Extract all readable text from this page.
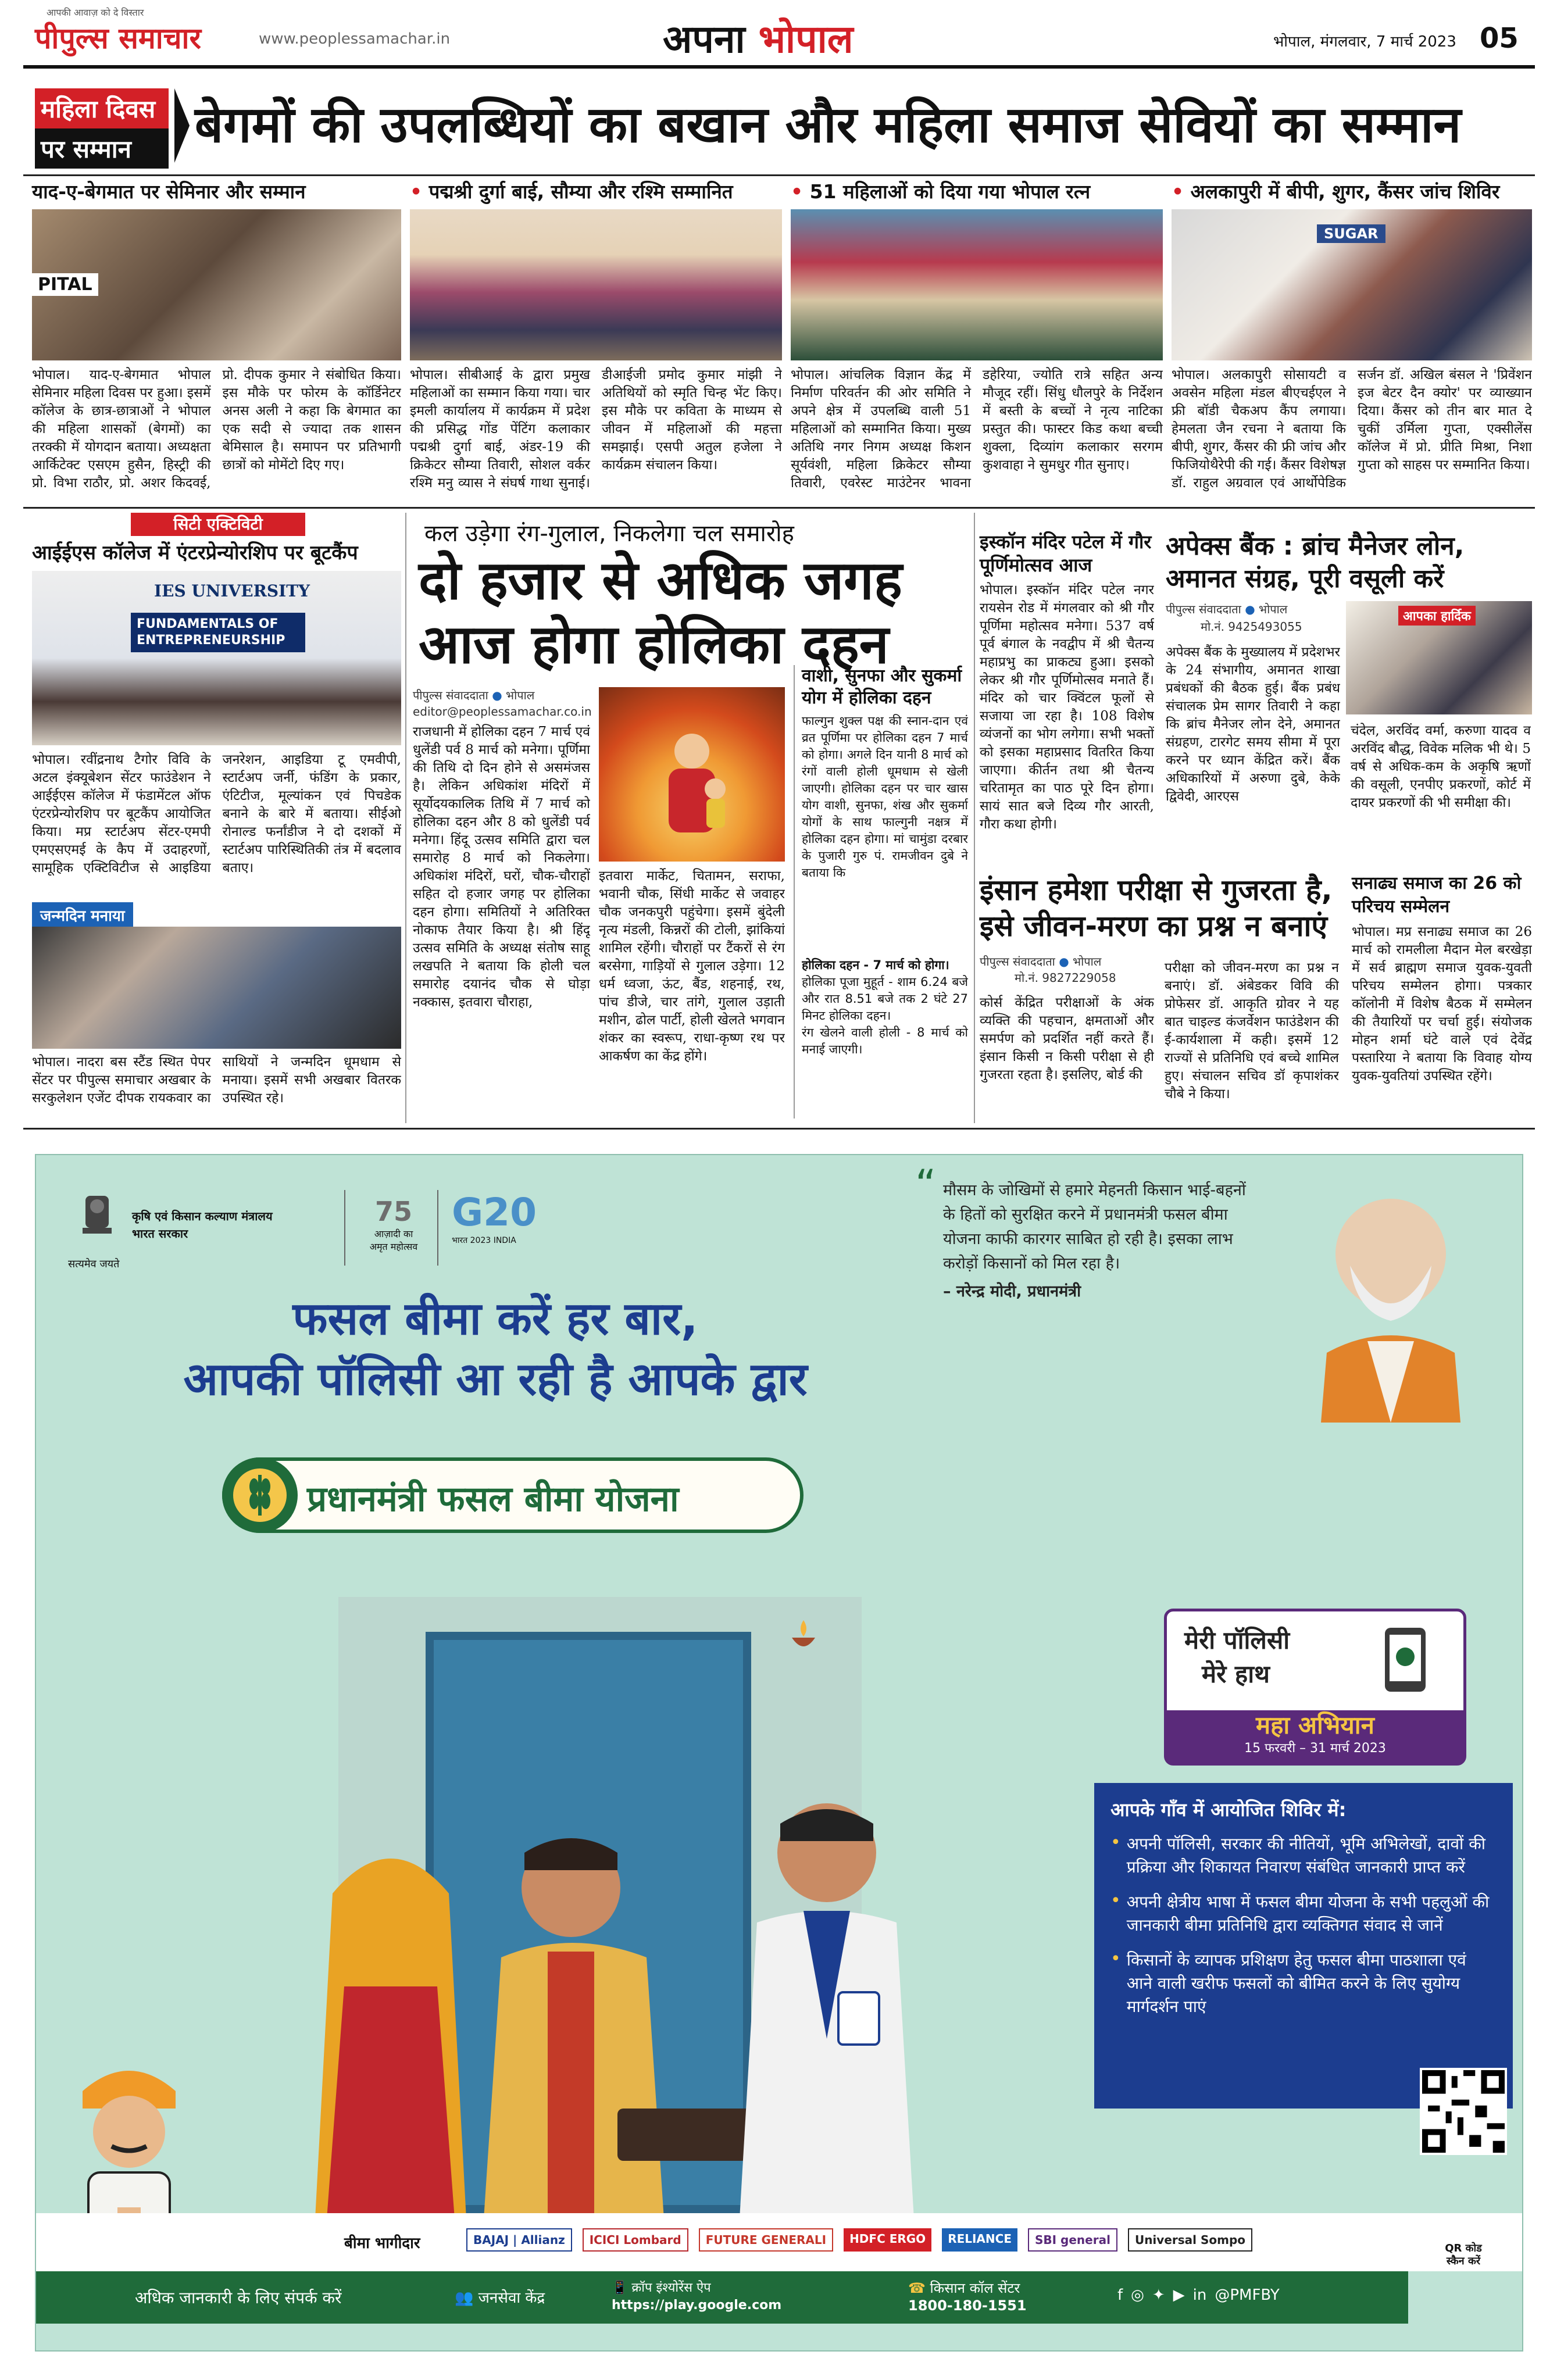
पीपुल्स समाचार
आपकी आवाज़ को दे विस्तार
www.peoplessamachar.in	अपना भोपाल	भोपाल, मंगलवार, 7 मार्च 2023 05
महिला दिवस
पर सम्मान	बेगमों की उपलब्धियों का बखान और महिला समाज सेवियों का सम्मान
याद-ए-बेगमात पर सेमिनार और सम्मान
PITAL
भोपाल। याद-ए-बेगमात भोपाल सेमिनार महिला दिवस पर हुआ। इसमें कॉलेज के छात्र-छात्राओं ने भोपाल की महिला शासकों (बेगमों) का तरक्की में योगदान बताया। अध्यक्षता आर्किटेक्ट एसएम हुसैन, हिस्ट्री की प्रो. विभा राठौर, प्रो. अशर किदवई, प्रो. दीपक कुमार ने संबोधित किया। इस मौके पर फोरम के कॉर्डिनेटर अनस अली ने कहा कि बेगमात का एक सदी से ज्यादा तक शासन बेमिसाल है। समापन पर प्रतिभागी छात्रों को मोमेंटो दिए गए।
• पद्मश्री दुर्गा बाई, सौम्या और रश्मि सम्मानित
भोपाल। सीबीआई के द्वारा प्रमुख महिलाओं का सम्मान किया गया। चार इमली कार्यालय में कार्यक्रम में प्रदेश की प्रसिद्ध गोंड पेंटिंग कलाकार पद्मश्री दुर्गा बाई, अंडर-19 की क्रिकेटर सौम्या तिवारी, सोशल वर्कर रश्मि मनु व्यास ने संघर्ष गाथा सुनाई। डीआईजी प्रमोद कुमार मांझी ने अतिथियों को स्मृति चिन्ह भेंट किए। इस मौके पर कविता के माध्यम से जीवन में महिलाओं की महत्ता समझाई। एसपी अतुल हजेला ने कार्यक्रम संचालन किया।
• 51 महिलाओं को दिया गया भोपाल रत्न
भोपाल। आंचलिक विज्ञान केंद्र में निर्माण परिवर्तन की ओर समिति ने अपने क्षेत्र में उपलब्धि वाली 51 महिलाओं को सम्मानित किया। मुख्य अतिथि नगर निगम अध्यक्ष किशन सूर्यवंशी, महिला क्रिकेटर सौम्या तिवारी, एवरेस्ट माउंटेनर भावना डहेरिया, ज्योति रात्रे सहित अन्य मौजूद रहीं। सिंधु धौलपुरे के निर्देशन में बस्ती के बच्चों ने नृत्य नाटिका प्रस्तुत की। फास्टर किड कथा बच्ची शुक्ला, दिव्यांग कलाकार सरगम कुशवाहा ने सुमधुर गीत सुनाए।
• अलकापुरी में बीपी, शुगर, कैंसर जांच शिविर
SUGAR
भोपाल। अलकापुरी सोसायटी व अवसेन महिला मंडल बीएचईएल ने फ्री बॉडी चैकअप कैंप लगाया। हेमलता जैन रचना ने बताया कि बीपी, शुगर, कैंसर की फ्री जांच और फिजियोथैरेपी की गई। कैंसर विशेषज्ञ डॉ. राहुल अग्रवाल एवं आर्थोपेडिक सर्जन डॉ. अखिल बंसल ने 'प्रिवेंशन इज बेटर दैन क्योर' पर व्याख्यान दिया। कैंसर को तीन बार मात दे चुकीं उर्मिला गुप्ता, एक्सीलेंस कॉलेज में प्रो. प्रीति मिश्रा, निशा गुप्ता को साहस पर सम्मानित किया।
सिटी एक्टिविटी
आईईएस कॉलेज में एंटरप्रेन्योरशिप पर बूटकैंप
IES UNIVERSITY
FUNDAMENTALS OF ENTREPRENEURSHIP
भोपाल। रवींद्रनाथ टैगोर विवि के अटल इंक्यूबेशन सेंटर फाउंडेशन ने आईईएस कॉलेज में फंडामेंटल ऑफ एंटरप्रेन्योरशिप पर बूटकैंप आयोजित किया। मप्र स्टार्टअप सेंटर-एमपी एमएसएमई के कैप में उदाहरणों, सामूहिक एक्टिविटीज से आइडिया जनरेशन, आइडिया टू एमवीपी, स्टार्टअप जर्नी, फंडिंग के प्रकार, एंटिटीज, मूल्यांकन एवं पिचडेक बनाने के बारे में बताया। सीईओ रोनाल्ड फर्नांडीज ने दो दशकों में स्टार्टअप पारिस्थितिकी तंत्र में बदलाव बताए।
जन्मदिन मनाया
भोपाल। नादरा बस स्टैंड स्थित पेपर सेंटर पर पीपुल्स समाचार अखबार के सरकुलेशन एजेंट दीपक रायकवार का साथियों ने जन्मदिन धूमधाम से मनाया। इसमें सभी अखबार वितरक उपस्थित रहे।
कल उड़ेगा रंग-गुलाल, निकलेगा चल समारोह
दो हजार से अधिक जगह
आज होगा होलिका दहन
पीपुल्स संवाददाता ● भोपाल
editor@peoplessamachar.co.in
राजधानी में होलिका दहन 7 मार्च एवं धुलेंडी पर्व 8 मार्च को मनेगा। पूर्णिमा की तिथि दो दिन होने से असमंजस है। लेकिन अधिकांश मंदिरों में सूर्योदयकालिक तिथि में 7 मार्च को होलिका दहन और 8 को धुलेंडी पर्व मनेगा। हिंदू उत्सव समिति द्वारा चल समारोह 8 मार्च को निकलेगा। अधिकांश मंदिरों, घरों, चौक-चौराहों सहित दो हजार जगह पर होलिका दहन होगा। समितियों ने अतिरिक्त नोकाफ तैयार किया है। श्री हिंदू उत्सव समिति के अध्यक्ष संतोष साहू लखपति ने बताया कि होली चल समारोह दयानंद चौक से घोड़ा नक्कास, इतवारा चौराहा,
इतवारा मार्केट, चितामन, सराफा, भवानी चौक, सिंधी मार्केट से जवाहर चौक जनकपुरी पहुंचेगा। इसमें बुंदेली नृत्य मंडली, किन्नरों की टोली, झांकियां शामिल रहेंगी। चौराहों पर टैंकरों से रंग बरसेगा, गाड़ियों से गुलाल उड़ेगा। 12 धर्म ध्वजा, ऊंट, बैंड, शहनाई, रथ, पांच डीजे, चार तांगे, गुलाल उड़ाती मशीन, ढोल पार्टी, होली खेलते भगवान शंकर का स्वरूप, राधा-कृष्ण रथ पर आकर्षण का केंद्र होंगे।
वाशी, सुनफा और सुकर्मा योग में होलिका दहन
फाल्गुन शुक्ल पक्ष की स्नान-दान एवं व्रत पूर्णिमा पर होलिका दहन 7 मार्च को होगा। अगले दिन यानी 8 मार्च को रंगों वाली होली धूमधाम से खेली जाएगी। होलिका दहन पर चार खास योग वाशी, सुनफा, शंख और सुकर्मा योगों के साथ फाल्गुनी नक्षत्र में होलिका दहन होगा। मां चामुंडा दरबार के पुजारी गुरु पं. रामजीवन दुबे ने बताया कि
होलिका दहन - 7 मार्च को होगा।
होलिका पूजा मुहूर्त - शाम 6.24 बजे और रात 8.51 बजे तक 2 घंटे 27 मिनट होलिका दहन।
रंग खेलने वाली होली - 8 मार्च को मनाई जाएगी।
इस्कॉन मंदिर पटेल में गौर पूर्णिमोत्सव आज
भोपाल। इस्कॉन मंदिर पटेल नगर रायसेन रोड में मंगलवार को श्री गौर पूर्णिमा महोत्सव मनेगा। 537 वर्ष पूर्व बंगाल के नवद्वीप में श्री चैतन्य महाप्रभु का प्राकट्य हुआ। इसको लेकर श्री गौर पूर्णिमोत्सव मनाते हैं। मंदिर को चार क्विंटल फूलों से सजाया जा रहा है। 108 विशेष व्यंजनों का भोग लगेगा। सभी भक्तों को इसका महाप्रसाद वितरित किया जाएगा। कीर्तन तथा श्री चैतन्य चरितामृत का पाठ पूरे दिन होगा। सायं सात बजे दिव्य गौर आरती, गौरा कथा होगी।
इंसान हमेशा परीक्षा से गुजरता है,
इसे जीवन-मरण का प्रश्न न बनाएं
पीपुल्स संवाददाता ● भोपाल
मो.नं. 9827229058
कोर्स केंद्रित परीक्षाओं के अंक व्यक्ति की पहचान, क्षमताओं और समर्पण को प्रदर्शित नहीं करते हैं। इंसान किसी न किसी परीक्षा से ही गुजरता रहता है। इसलिए, बोर्ड की
परीक्षा को जीवन-मरण का प्रश्न न बनाएं। डॉ. अंबेडकर विवि की प्रोफेसर डॉ. आकृति ग्रोवर ने यह बात चाइल्ड कंजर्वेशन फाउंडेशन की ई-कार्यशाला में कही। इसमें 12 राज्यों से प्रतिनिधि एवं बच्चे शामिल हुए। संचालन सचिव डॉ कृपाशंकर चौबे ने किया।
अपेक्स बैंक : ब्रांच मैनेजर लोन,
अमानत संग्रह, पूरी वसूली करें
पीपुल्स संवाददाता ● भोपाल
मो.नं. 9425493055
आपका हार्दिक
अपेक्स बैंक के मुख्यालय में प्रदेशभर के 24 संभागीय, अमानत शाखा प्रबंधकों की बैठक हुई। बैंक प्रबंध संचालक प्रेम सागर तिवारी ने कहा कि ब्रांच मैनेजर लोन देने, अमानत संग्रहण, टारगेट समय सीमा में पूरा करने पर ध्यान केंद्रित करें। बैंक अधिकारियों में अरुणा दुबे, केके द्विवेदी, आरएस
चंदेल, अरविंद वर्मा, करुणा यादव व अरविंद बौद्ध, विवेक मलिक भी थे। 5 वर्ष से अधिक-कम के अकृषि ऋणों की वसूली, एनपीए प्रकरणों, कोर्ट में दायर प्रकरणों की भी समीक्षा की।
सनाढ्य समाज का 26 को परिचय सम्मेलन
भोपाल। मप्र सनाढ्य समाज का 26 मार्च को रामलीला मैदान मेल बरखेड़ा में सर्व ब्राह्मण समाज युवक-युवती परिचय सम्मेलन होगा। पत्रकार कॉलोनी में विशेष बैठक में सम्मेलन की तैयारियों पर चर्चा हुई। संयोजक मोहन शर्मा घंटे वाले एवं देवेंद्र पस्तारिया ने बताया कि विवाह योग्य युवक-युवतियां उपस्थित रहेंगे।
सत्यमेव जयते
कृषि एवं किसान कल्याण मंत्रालय
भारत सरकार
75
आज़ादी का
अमृत महोत्सव
G20
भारत 2023 INDIA
“ मौसम के जोखिमों से हमारे मेहनती किसान भाई-बहनों के हितों को सुरक्षित करने में प्रधानमंत्री फसल बीमा योजना काफी कारगर साबित हो रही है। इसका लाभ करोड़ों किसानों को मिल रहा है।
– नरेन्द्र मोदी, प्रधानमंत्री
फसल बीमा करें हर बार,
आपकी पॉलिसी आ रही है आपके द्वार
प्रधानमंत्री फसल बीमा योजना
मेरी पॉलिसी
मेरे हाथ
महा अभियान
15 फरवरी – 31 मार्च 2023
आपके गाँव में आयोजित शिविर में:
• अपनी पॉलिसी, सरकार की नीतियों, भूमि अभिलेखों, दावों की प्रक्रिया और शिकायत निवारण संबंधित जानकारी प्राप्त करें
• अपनी क्षेत्रीय भाषा में फसल बीमा योजना के सभी पहलुओं की जानकारी बीमा प्रतिनिधि द्वारा व्यक्तिगत संवाद से जानें
• किसानों के व्यापक प्रशिक्षण हेतु फसल बीमा पाठशाला एवं आने वाली खरीफ फसलों को बीमित करने के लिए सुयोग्य मार्गदर्शन पाएं
बीमा भागीदार	BAJAJ | Allianz	ICICI Lombard	FUTURE GENERALI	HDFC ERGO	RELIANCE	SBI general	Universal Sompo
QR कोड
स्कैन करें
अधिक जानकारी के लिए संपर्क करें	👥 जनसेवा केंद्र
📱 क्रॉप इंश्योरेंस ऐप
https://play.google.com
☎ किसान कॉल सेंटर
1800-180-1551
f ◎ ✦ ▶ in @PMFBY
